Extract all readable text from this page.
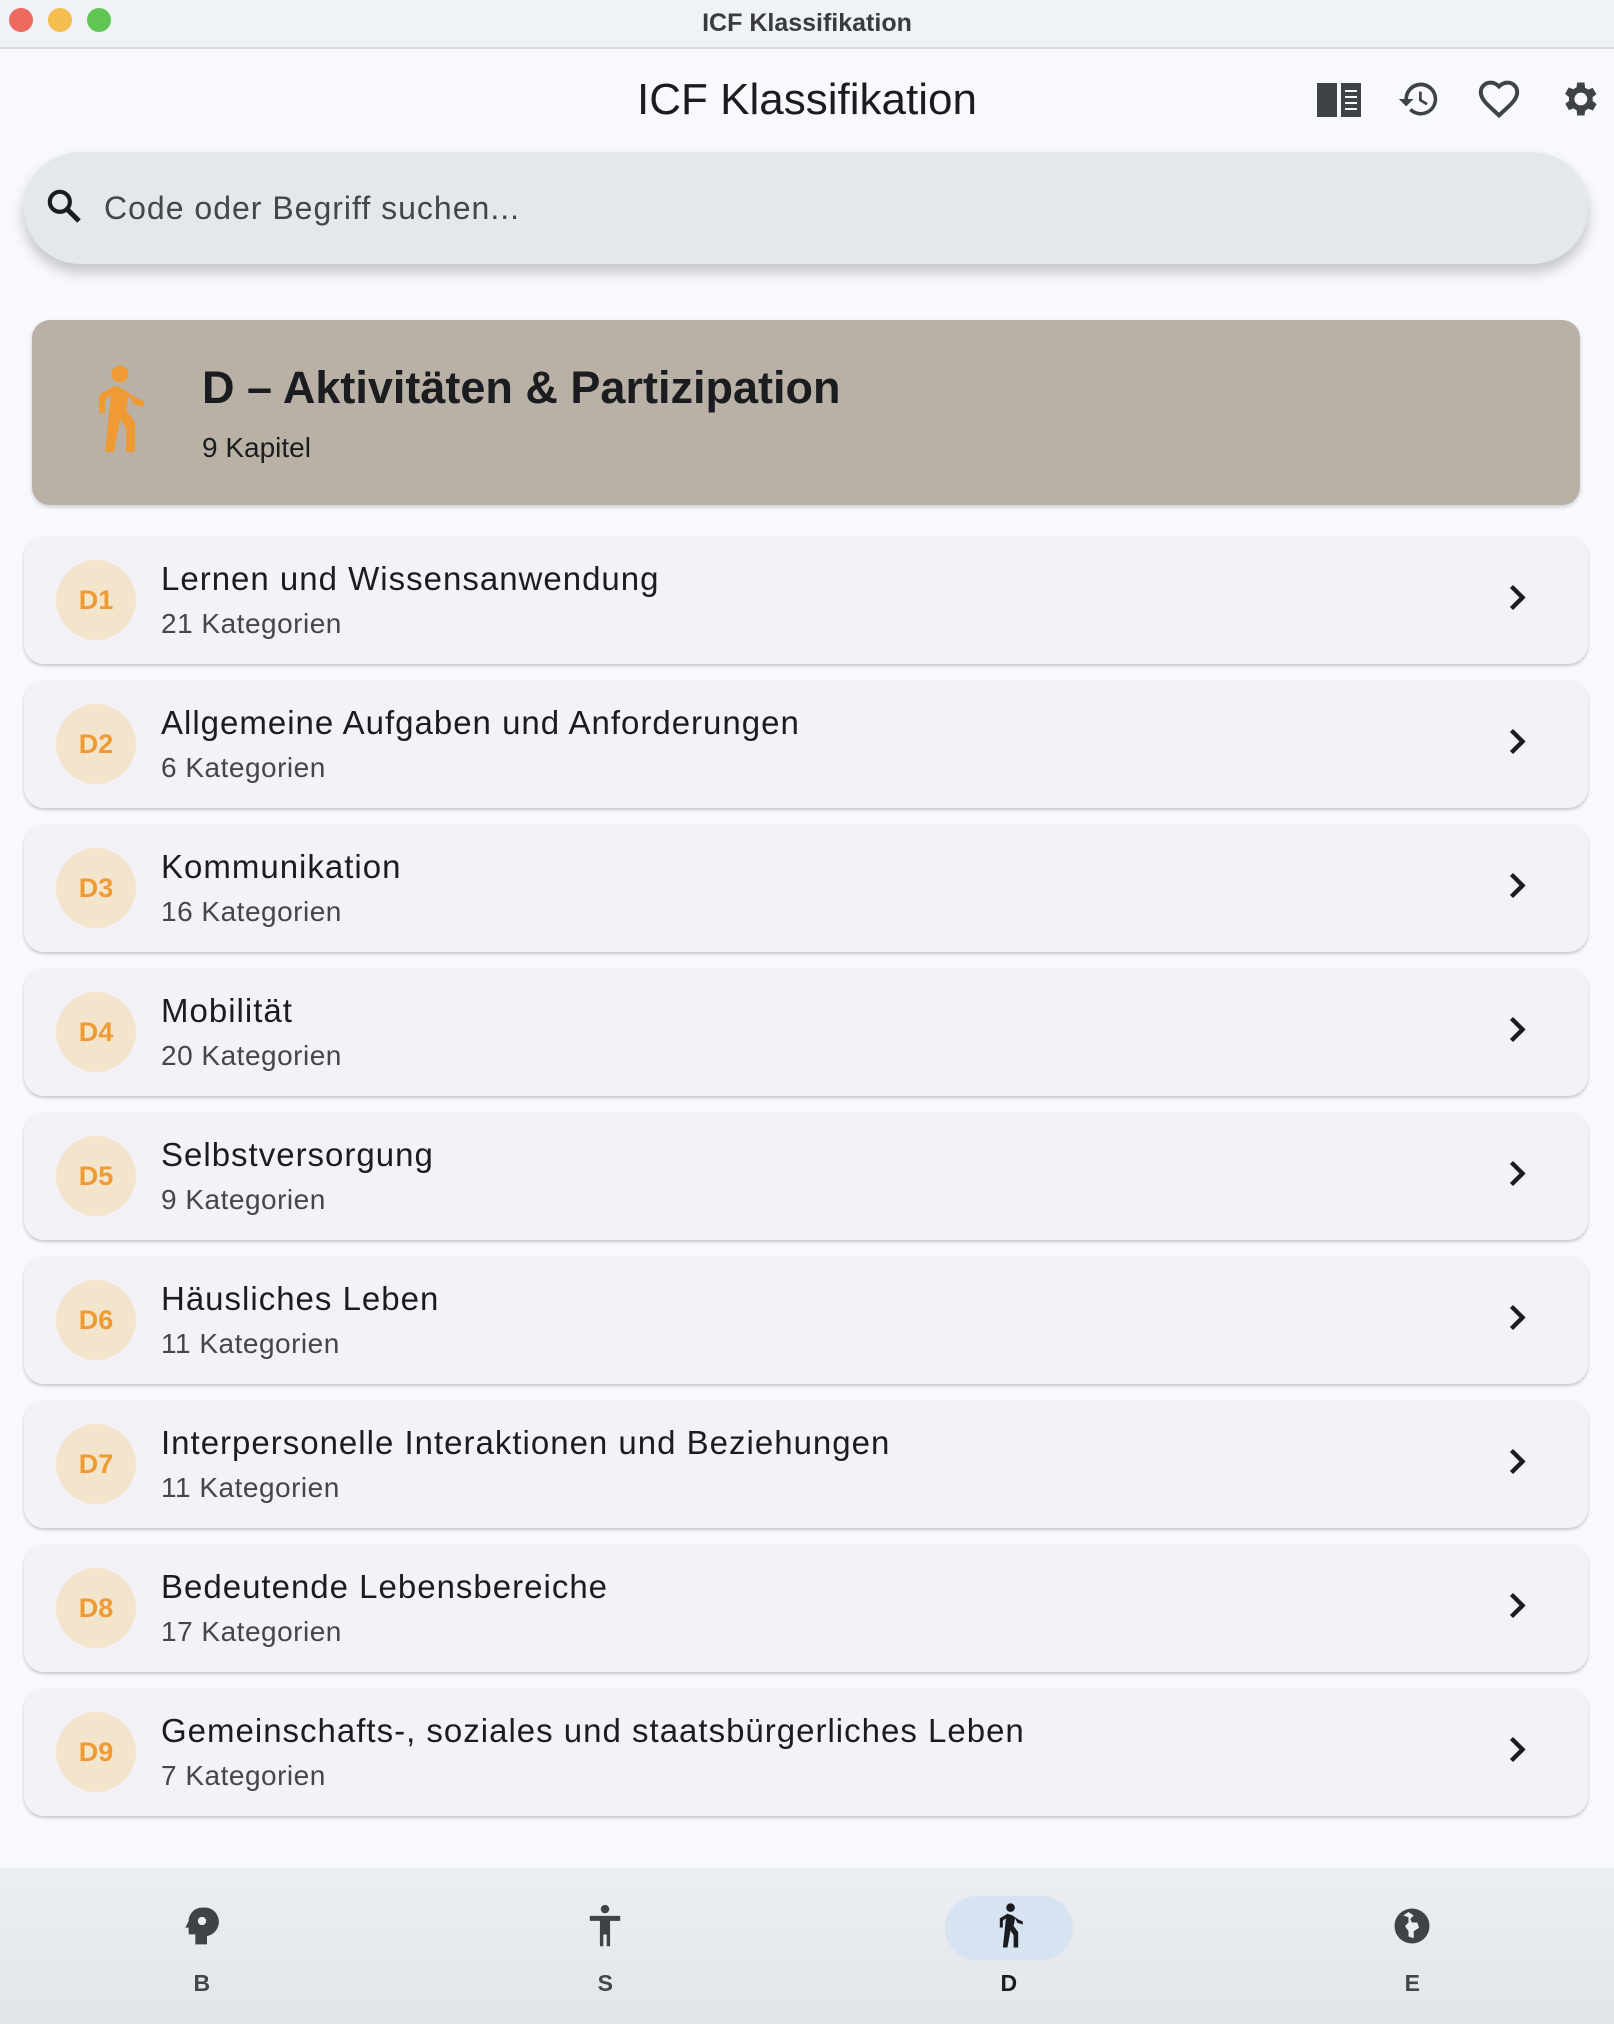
ICF Klassifikation
ICF Klassifikation
Code oder Begriff suchen...
D – Aktivitäten & Partizipation
9 Kapitel
D1
Lernen und Wissensanwendung
21 Kategorien
D2
Allgemeine Aufgaben und Anforderungen
6 Kategorien
D3
Kommunikation
16 Kategorien
D4
Mobilität
20 Kategorien
D5
Selbstversorgung
9 Kategorien
D6
Häusliches Leben
11 Kategorien
D7
Interpersonelle Interaktionen und Beziehungen
11 Kategorien
D8
Bedeutende Lebensbereiche
17 Kategorien
D9
Gemeinschafts-, soziales und staatsbürgerliches Leben
7 Kategorien
B	S	D	E
